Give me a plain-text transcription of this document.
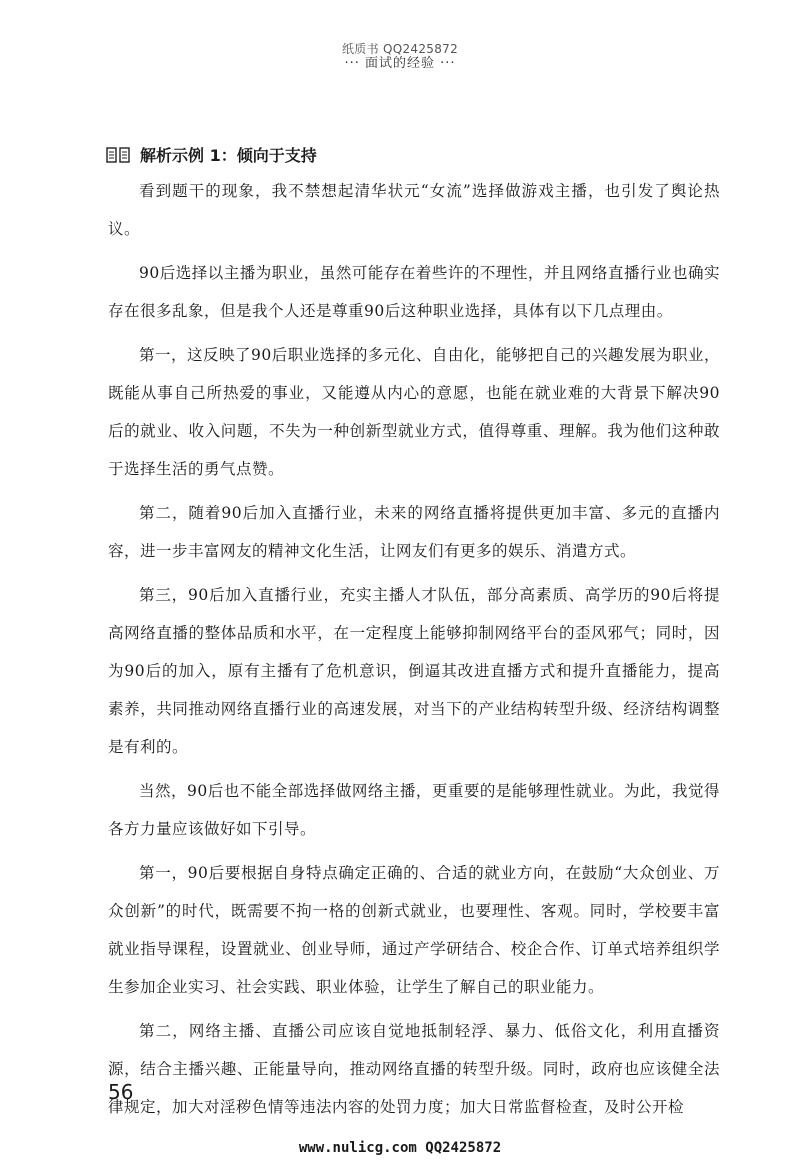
纸质书 QQ2425872
··· 面试的经验 ···
解析示例 1：倾向于支持

看到题干的现象，我不禁想起清华状元“女流”选择做游戏主播，也引发了舆论热议。

90后选择以主播为职业，虽然可能存在着些许的不理性，并且网络直播行业也确实存在很多乱象，但是我个人还是尊重90后这种职业选择，具体有以下几点理由。

第一，这反映了90后职业选择的多元化、自由化，能够把自己的兴趣发展为职业，既能从事自己所热爱的事业，又能遵从内心的意愿，也能在就业难的大背景下解决90后的就业、收入问题，不失为一种创新型就业方式，值得尊重、理解。我为他们这种敢于选择生活的勇气点赞。

第二，随着90后加入直播行业，未来的网络直播将提供更加丰富、多元的直播内容，进一步丰富网友的精神文化生活，让网友们有更多的娱乐、消遣方式。

第三，90后加入直播行业，充实主播人才队伍，部分高素质、高学历的90后将提高网络直播的整体品质和水平，在一定程度上能够抑制网络平台的歪风邪气；同时，因为90后的加入，原有主播有了危机意识，倒逼其改进直播方式和提升直播能力，提高素养，共同推动网络直播行业的高速发展，对当下的产业结构转型升级、经济结构调整是有利的。

当然，90后也不能全部选择做网络主播，更重要的是能够理性就业。为此，我觉得各方力量应该做好如下引导。

第一，90后要根据自身特点确定正确的、合适的就业方向，在鼓励“大众创业、万众创新”的时代，既需要不拘一格的创新式就业，也要理性、客观。同时，学校要丰富就业指导课程，设置就业、创业导师，通过产学研结合、校企合作、订单式培养组织学生参加企业实习、社会实践、职业体验，让学生了解自己的职业能力。

第二，网络主播、直播公司应该自觉地抵制轻浮、暴力、低俗文化，利用直播资源，结合主播兴趣、正能量导向，推动网络直播的转型升级。同时，政府也应该健全法律规定，加大对淫秽色情等违法内容的处罚力度；加大日常监督检查，及时公开检

56
www.nulicg.com QQ2425872
